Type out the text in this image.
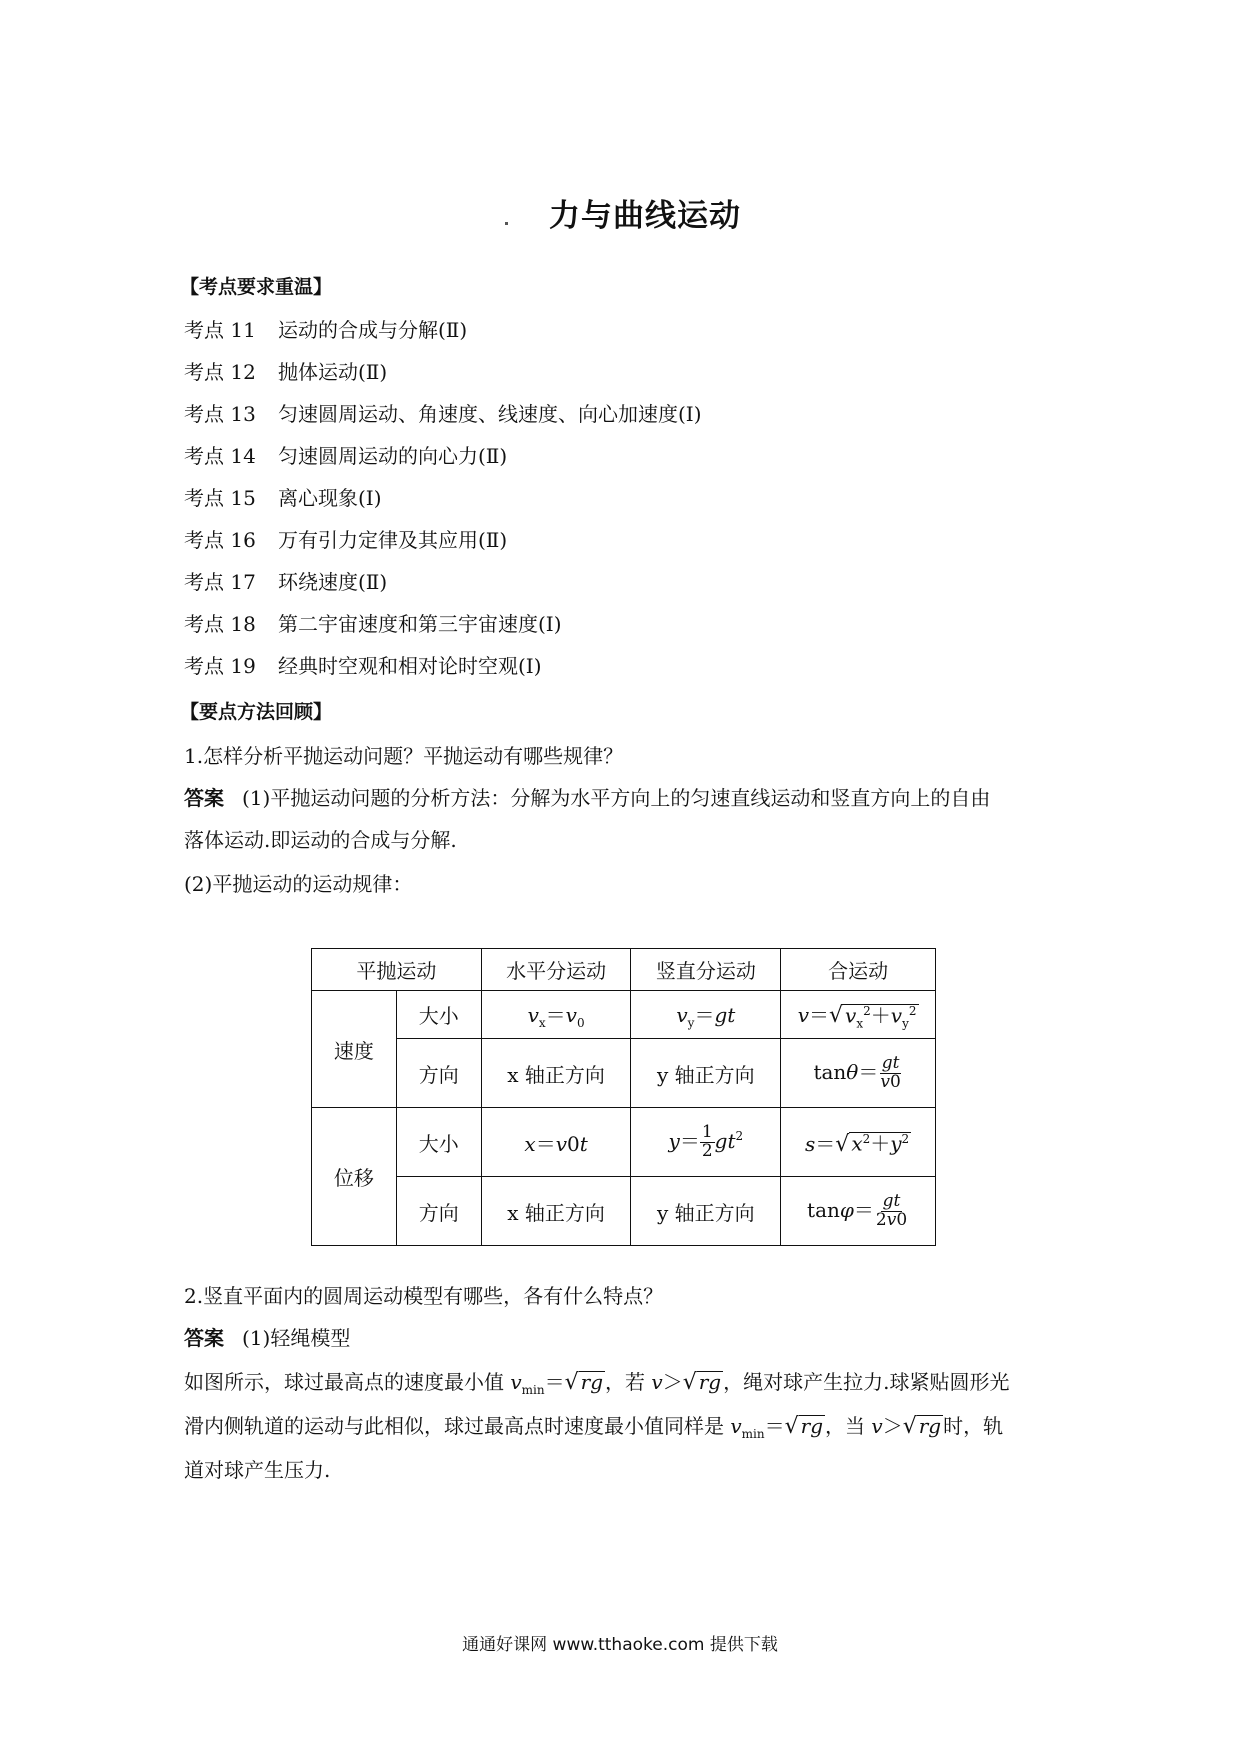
力与曲线运动
【考点要求重温】
考点 11 运动的合成与分解(Ⅱ)
考点 12 抛体运动(Ⅱ)
考点 13 匀速圆周运动、角速度、线速度、向心加速度(Ⅰ)
考点 14 匀速圆周运动的向心力(Ⅱ)
考点 15 离心现象(Ⅰ)
考点 16 万有引力定律及其应用(Ⅱ)
考点 17 环绕速度(Ⅱ)
考点 18 第二宇宙速度和第三宇宙速度(Ⅰ)
考点 19 经典时空观和相对论时空观(Ⅰ)
【要点方法回顾】
1.怎样分析平抛运动问题？平抛运动有哪些规律？
答案 (1)平抛运动问题的分析方法：分解为水平方向上的匀速直线运动和竖直方向上的自由
落体运动.即运动的合成与分解.
(2)平抛运动的运动规律：
平抛运动		水平分运动	竖直分运动	合运动
速度	大小	$v_x=v_0$	$v_y=gt$	v＝√ $v_x^2+v_y^2$
	方向	x 轴正方向	y 轴正方向	$\tan\theta= \frac{gt}{v0}$

位移	大小	x＝v0t	$y= \frac{1}{2} gt^2$	s＝√ $x^2+y^2$
	方向	x 轴正方向	y 轴正方向	$\tan\varphi= \frac{gt}{2v0}$
2.竖直平面内的圆周运动模型有哪些，各有什么特点？
答案 (1)轻绳模型
如图所示，球过最高点的速度最小值 $v_{min}=√$ rg ，若 v＞√ rg ，绳对球产生拉力.球紧贴圆形光
滑内侧轨道的运动与此相似，球过最高点时速度最小值同样是 $v_{min}=√$ rg ，当 v＞√ rg 时，轨
道对球产生压力.
通通好课网 www.tthaoke.com 提供下载
